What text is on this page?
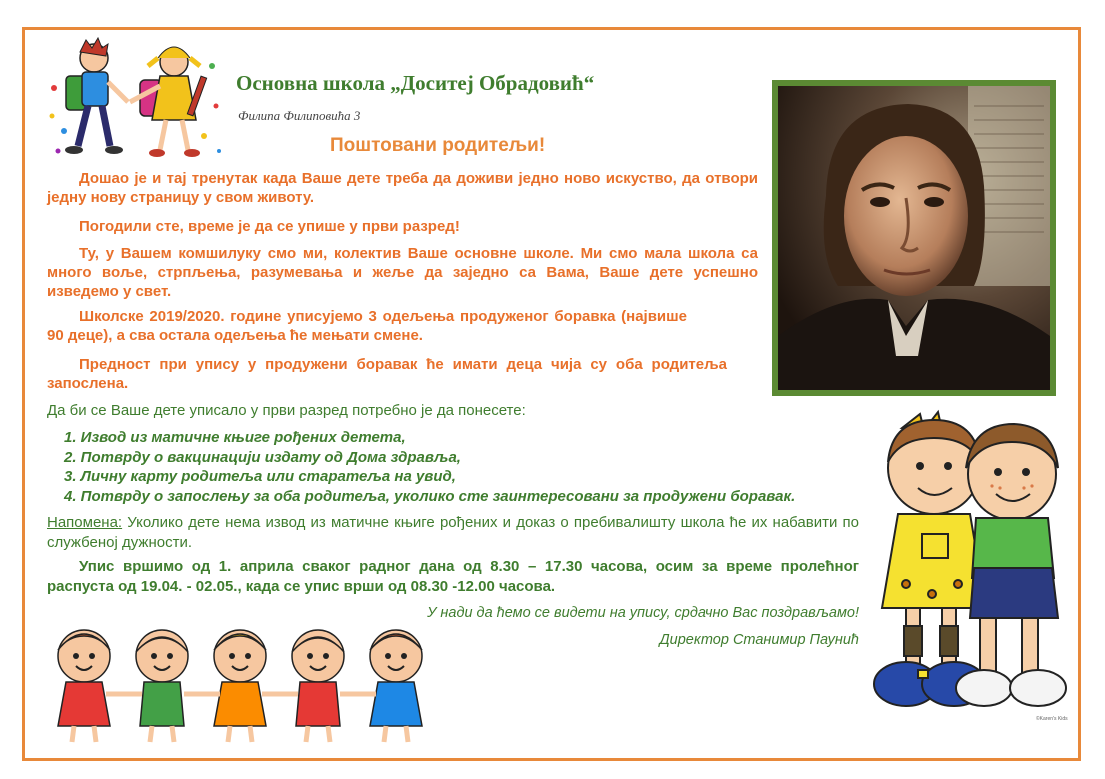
Основна школа „Доситеј Обрадовић“
Филипа Филиповића 3
Поштовани родитељи!

Дошао је и тај тренутак када Ваше дете треба да доживи једно ново искуство, да отвори једну нову страницу у свом животу.

Погодили сте, време је да се упише у први разред!

Ту, у Вашем комшилуку смо ми, колектив Ваше основне школе. Ми смо мала школа са много воље, стрпљења, разумевања и жеље да заједно са Вама, Ваше дете успешно изведемо у свет.

Школске 2019/2020. године уписујемо 3 одељења продуженог боравка (највише 90 деце), а сва остала одељења ће мењати смене.

Предност при упису у продужени боравак ће имати деца чија су оба родитеља запослена.

Да би се Ваше дете уписало у први разред потребно је да понесете:
1. Извод из матичне књиге рођених детета,
2. Потврду о вакцинацији издату од Дома здравља,
3. Личну карту родитеља или старатеља на увид,
4. Потврду о запослењу за оба родитеља, уколико сте заинтересовани за продужени боравак.
Напомена: Уколико дете нема извод из матичне књиге рођених и доказ о пребивалишту школа ће их набавити по службеној дужности.
Упис вршимо од 1. априла сваког радног дана од 8.30 – 17.30 часова, осим за време пролећног распуста од 19.04. - 02.05., када се упис врши од 08.30 -12.00 часова.
У нади да ћемо се видети на упису, срдачно Вас поздрављамо!
Директор Станимир Паунић
©Karen's Kids
